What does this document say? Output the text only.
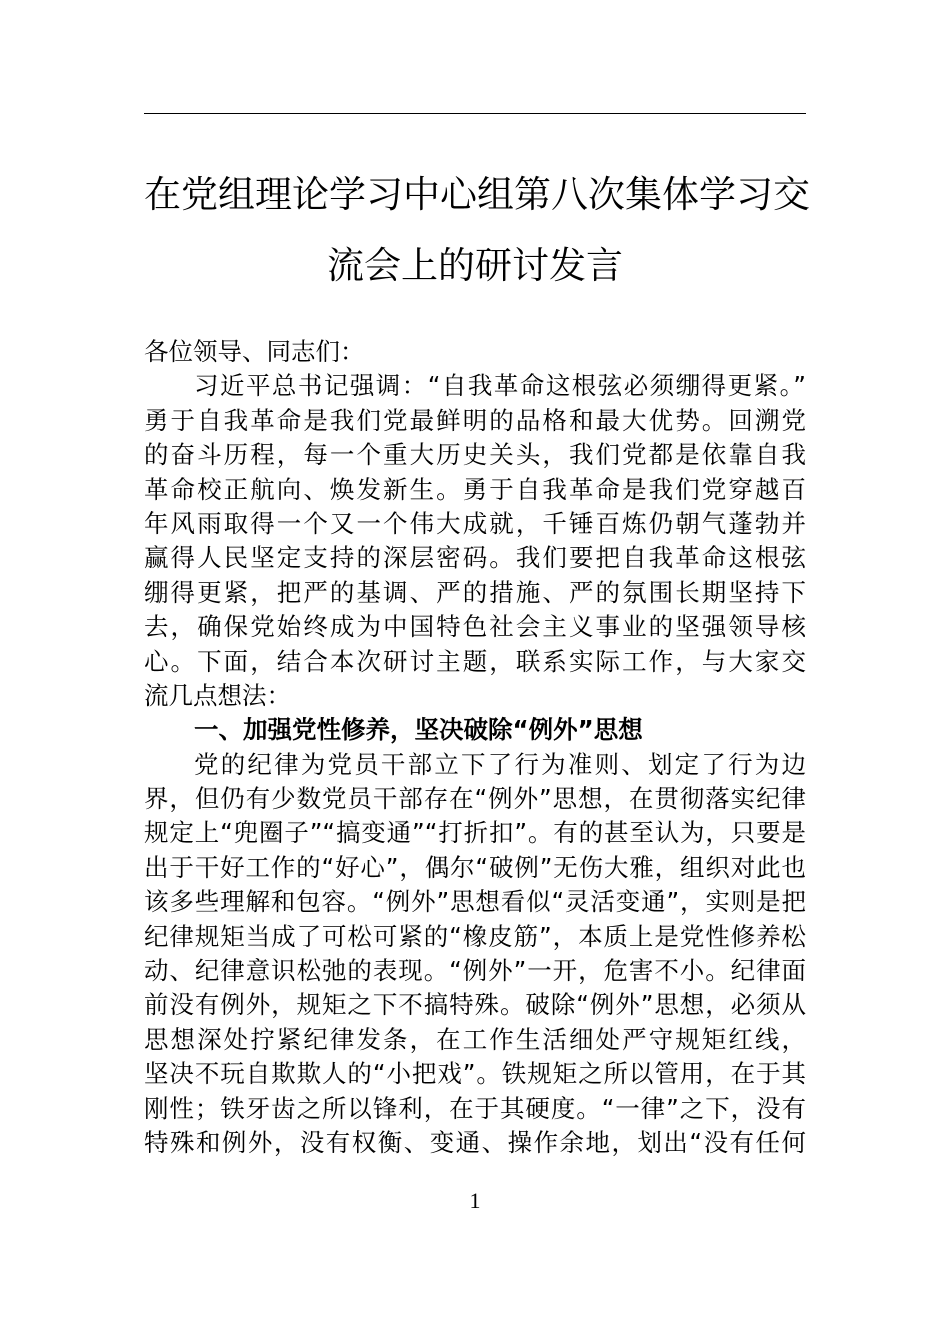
在党组理论学习中心组第八次集体学习交
流会上的研讨发言
各位领导、同志们：
习近平总书记强调：“自我革命这根弦必须绷得更紧。”
勇于自我革命是我们党最鲜明的品格和最大优势。回溯党
的奋斗历程，每一个重大历史关头，我们党都是依靠自我
革命校正航向、焕发新生。勇于自我革命是我们党穿越百
年风雨取得一个又一个伟大成就，千锤百炼仍朝气蓬勃并
赢得人民坚定支持的深层密码。我们要把自我革命这根弦
绷得更紧，把严的基调、严的措施、严的氛围长期坚持下
去，确保党始终成为中国特色社会主义事业的坚强领导核
心。下面，结合本次研讨主题，联系实际工作，与大家交
流几点想法：
一、加强党性修养，坚决破除“例外”思想
党的纪律为党员干部立下了行为准则、划定了行为边
界，但仍有少数党员干部存在“例外”思想，在贯彻落实纪律
规定上“兜圈子”“搞变通”“打折扣”。有的甚至认为，只要是
出于干好工作的“好心”，偶尔“破例”无伤大雅，组织对此也
该多些理解和包容。“例外”思想看似“灵活变通”，实则是把
纪律规矩当成了可松可紧的“橡皮筋”，本质上是党性修养松
动、纪律意识松弛的表现。“例外”一开，危害不小。纪律面
前没有例外，规矩之下不搞特殊。破除“例外”思想，必须从
思想深处拧紧纪律发条，在工作生活细处严守规矩红线，
坚决不玩自欺欺人的“小把戏”。铁规矩之所以管用，在于其
刚性；铁牙齿之所以锋利，在于其硬度。“一律”之下，没有
特殊和例外，没有权衡、变通、操作余地，划出“没有任何
1
